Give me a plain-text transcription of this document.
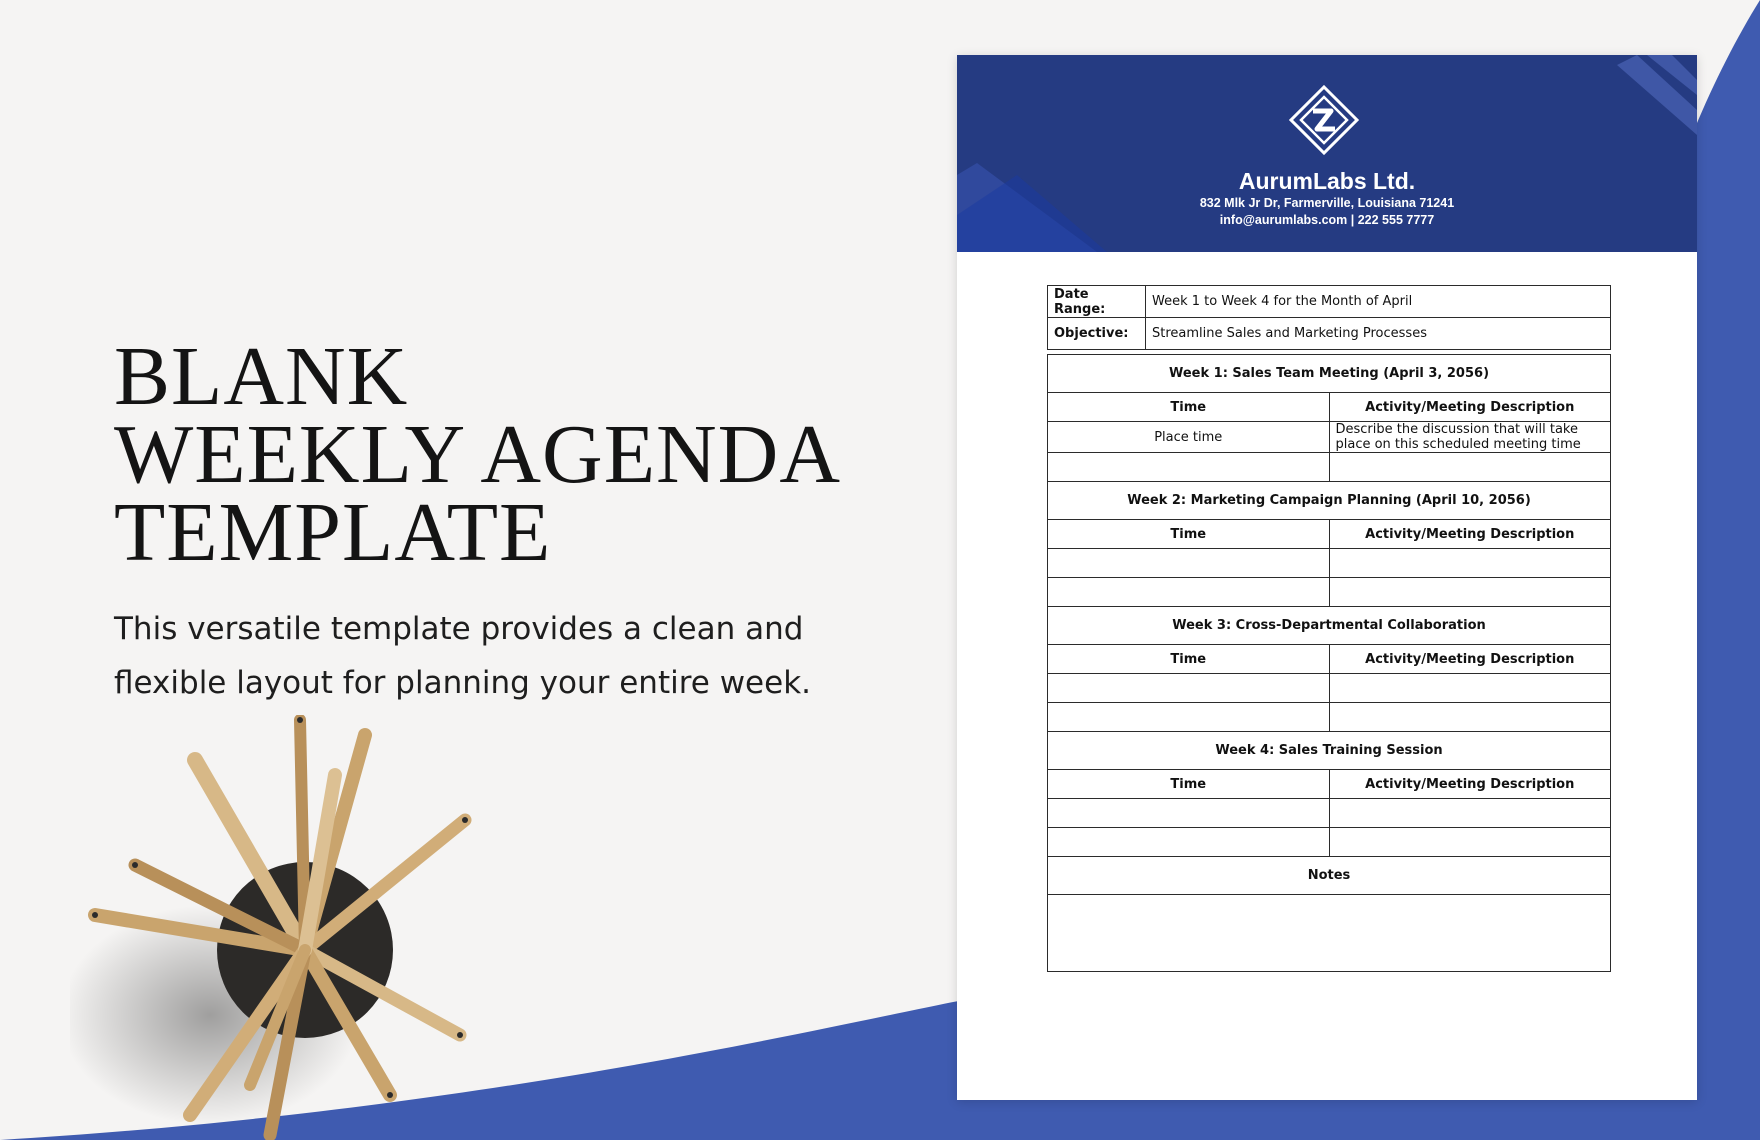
BLANK
WEEKLY AGENDA
TEMPLATE
This versatile template provides a clean and flexible layout for planning your entire week.
AurumLabs Ltd.
832 Mlk Jr Dr, Farmerville, Louisiana 71241
info@aurumlabs.com | 222 555 7777
Date Range:	Week 1 to Week 4 for the Month of April
Objective:	Streamline Sales and Marketing Processes
Week 1: Sales Team Meeting (April 3, 2056)	
Time	Activity/Meeting Description
Place time	Describe the discussion that will take place on this scheduled meeting time

Week 2: Marketing Campaign Planning (April 10, 2056)	
Time	Activity/Meeting Description

Week 3: Cross-Departmental Collaboration	
Time	Activity/Meeting Description

Week 4: Sales Training Session	
Time	Activity/Meeting Description

Notes	
